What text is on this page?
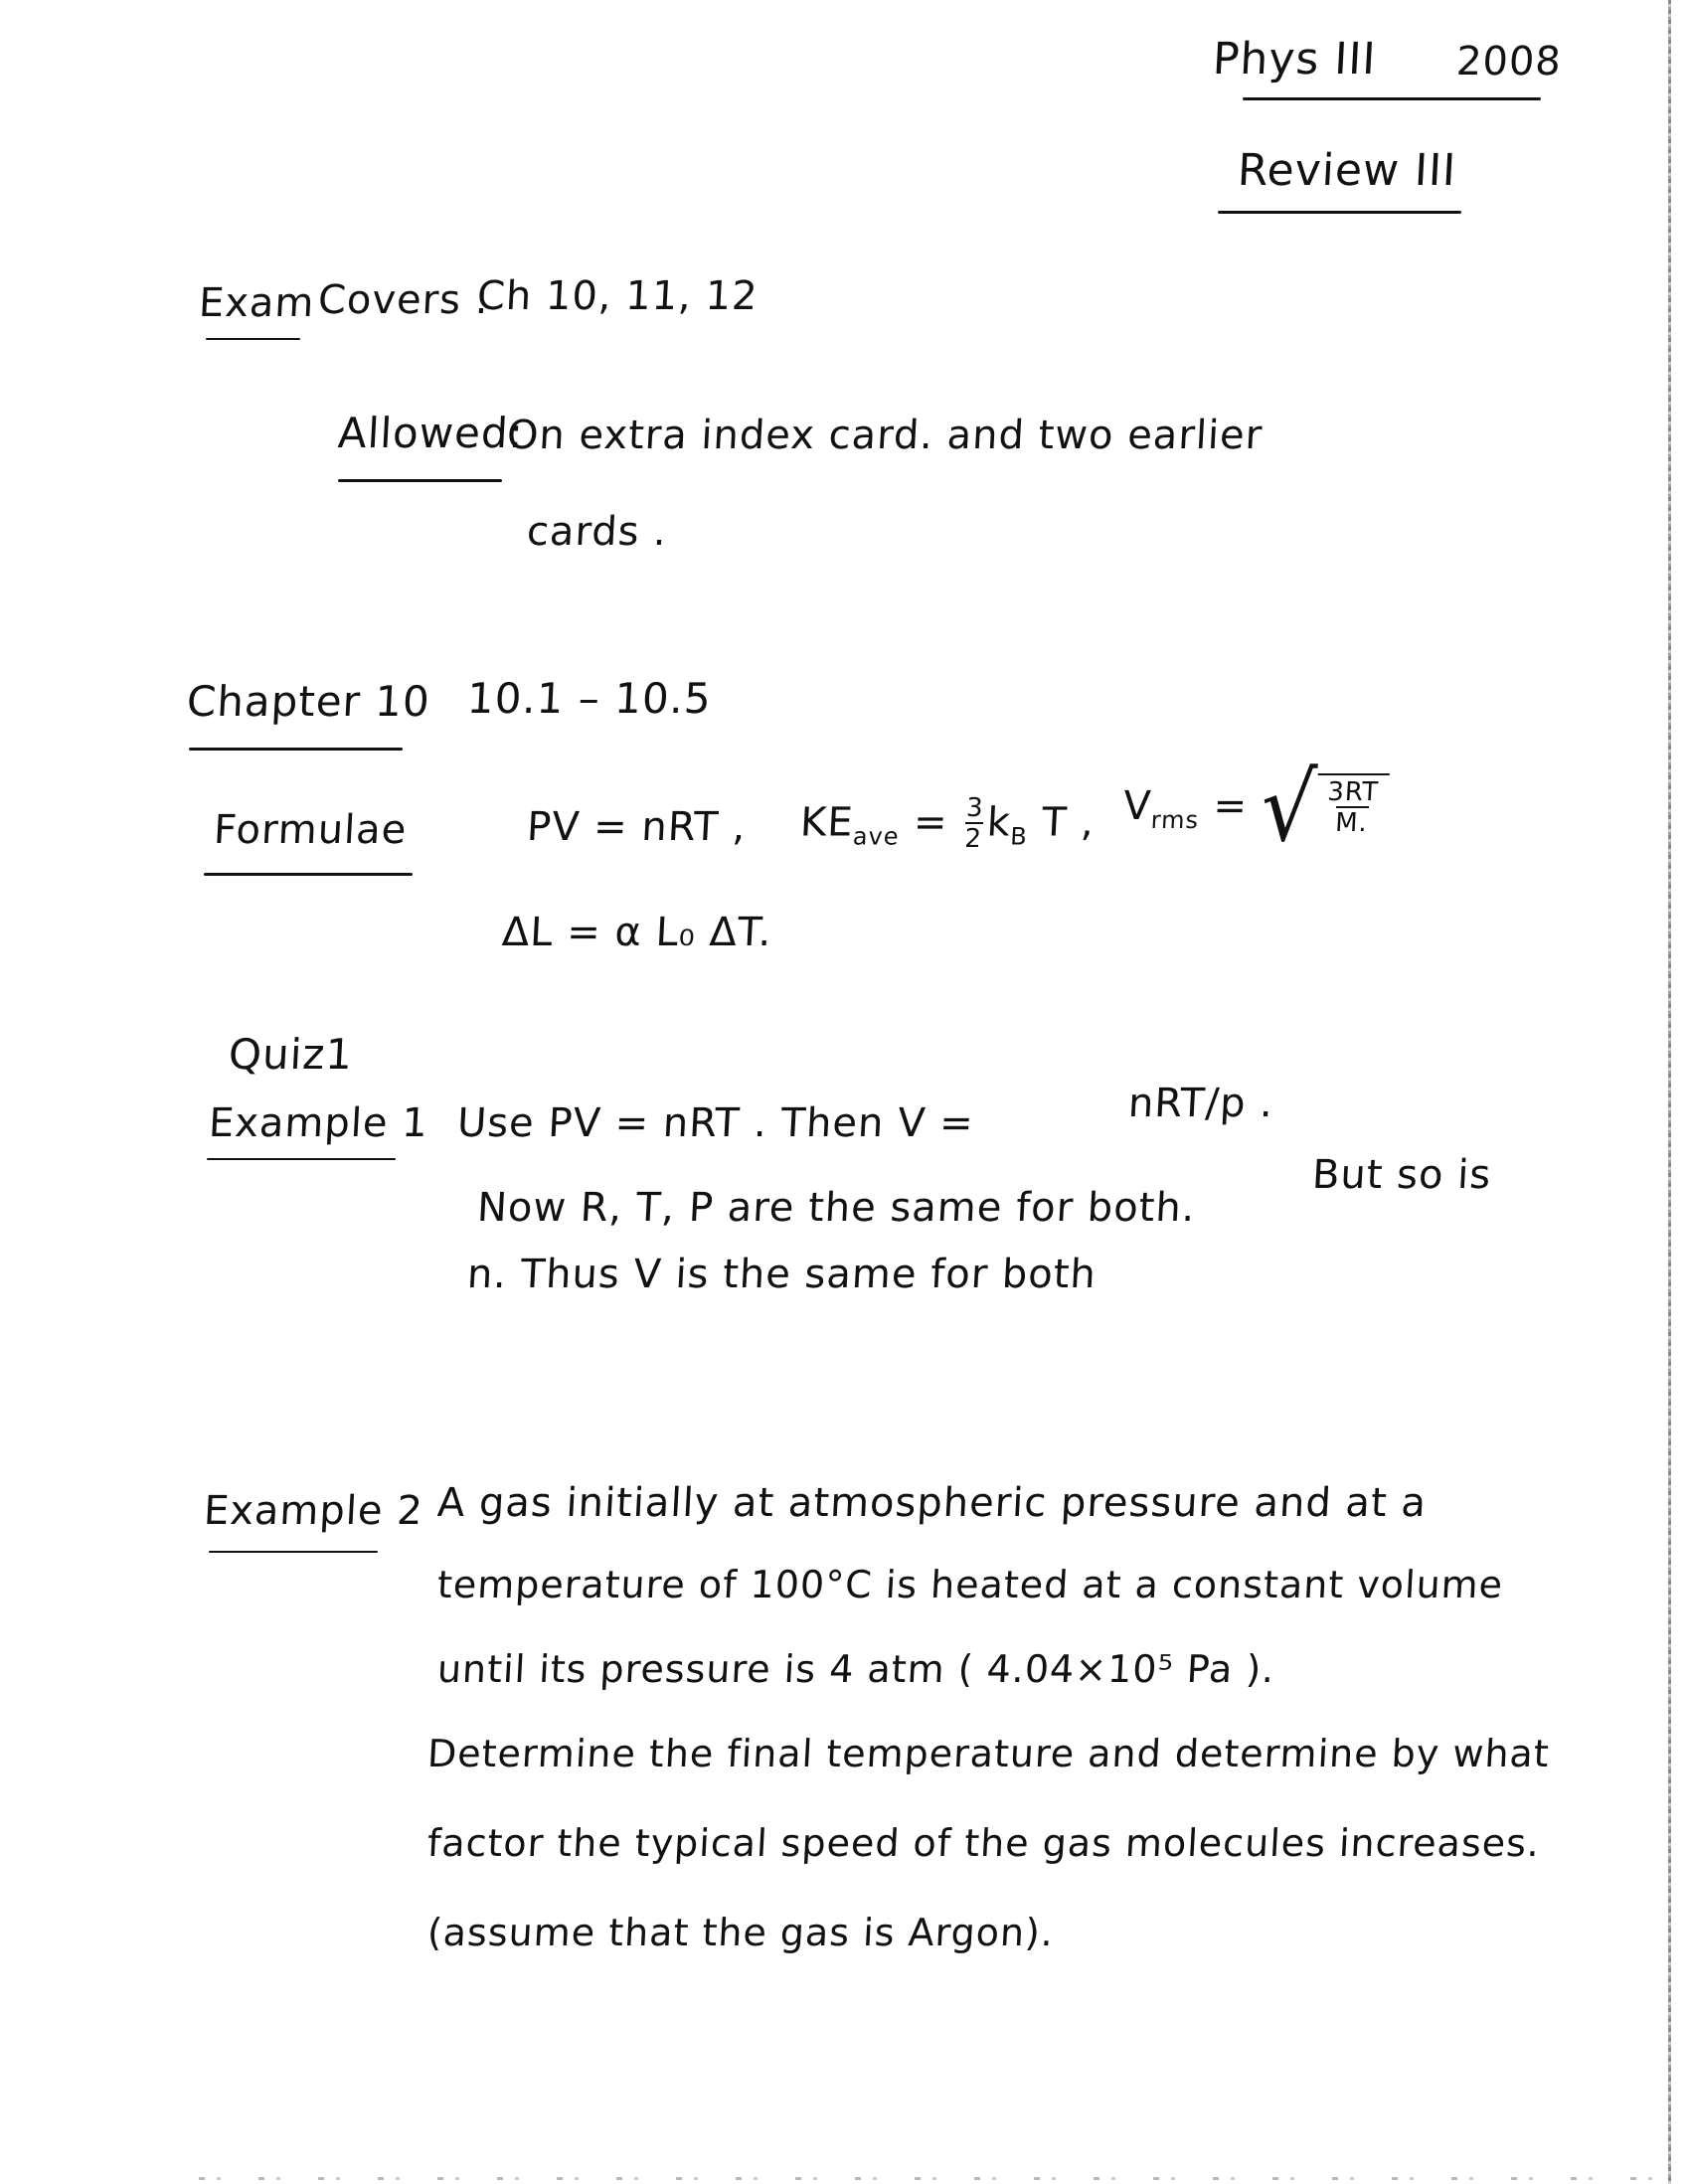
Phys III 2008
Review III
Exam Covers :
Ch 10, 11, 12
Allowed:
On extra index card. and two earlier
cards .
Chapter 10 10.1 – 10.5
Formulae	PV = nRT , $KE_{ave} = \frac{3}{2} k_B$ T , $V_{rms}$ = √ $\frac{3RT}{M.}$
ΔL = α L₀ ΔT.
Quiz1
Example 1 Use PV = nRT . Then V =	nRT/p .
Now R, T, P are the same for both.
But so is
n. Thus V is the same for both
Example 2 A gas initially at atmospheric pressure and at a
temperature of 100°C is heated at a constant volume
until its pressure is 4 atm ( 4.04×10⁵ Pa ).
Determine the final temperature and determine by what
factor the typical speed of the gas molecules increases.
(assume that the gas is Argon).
